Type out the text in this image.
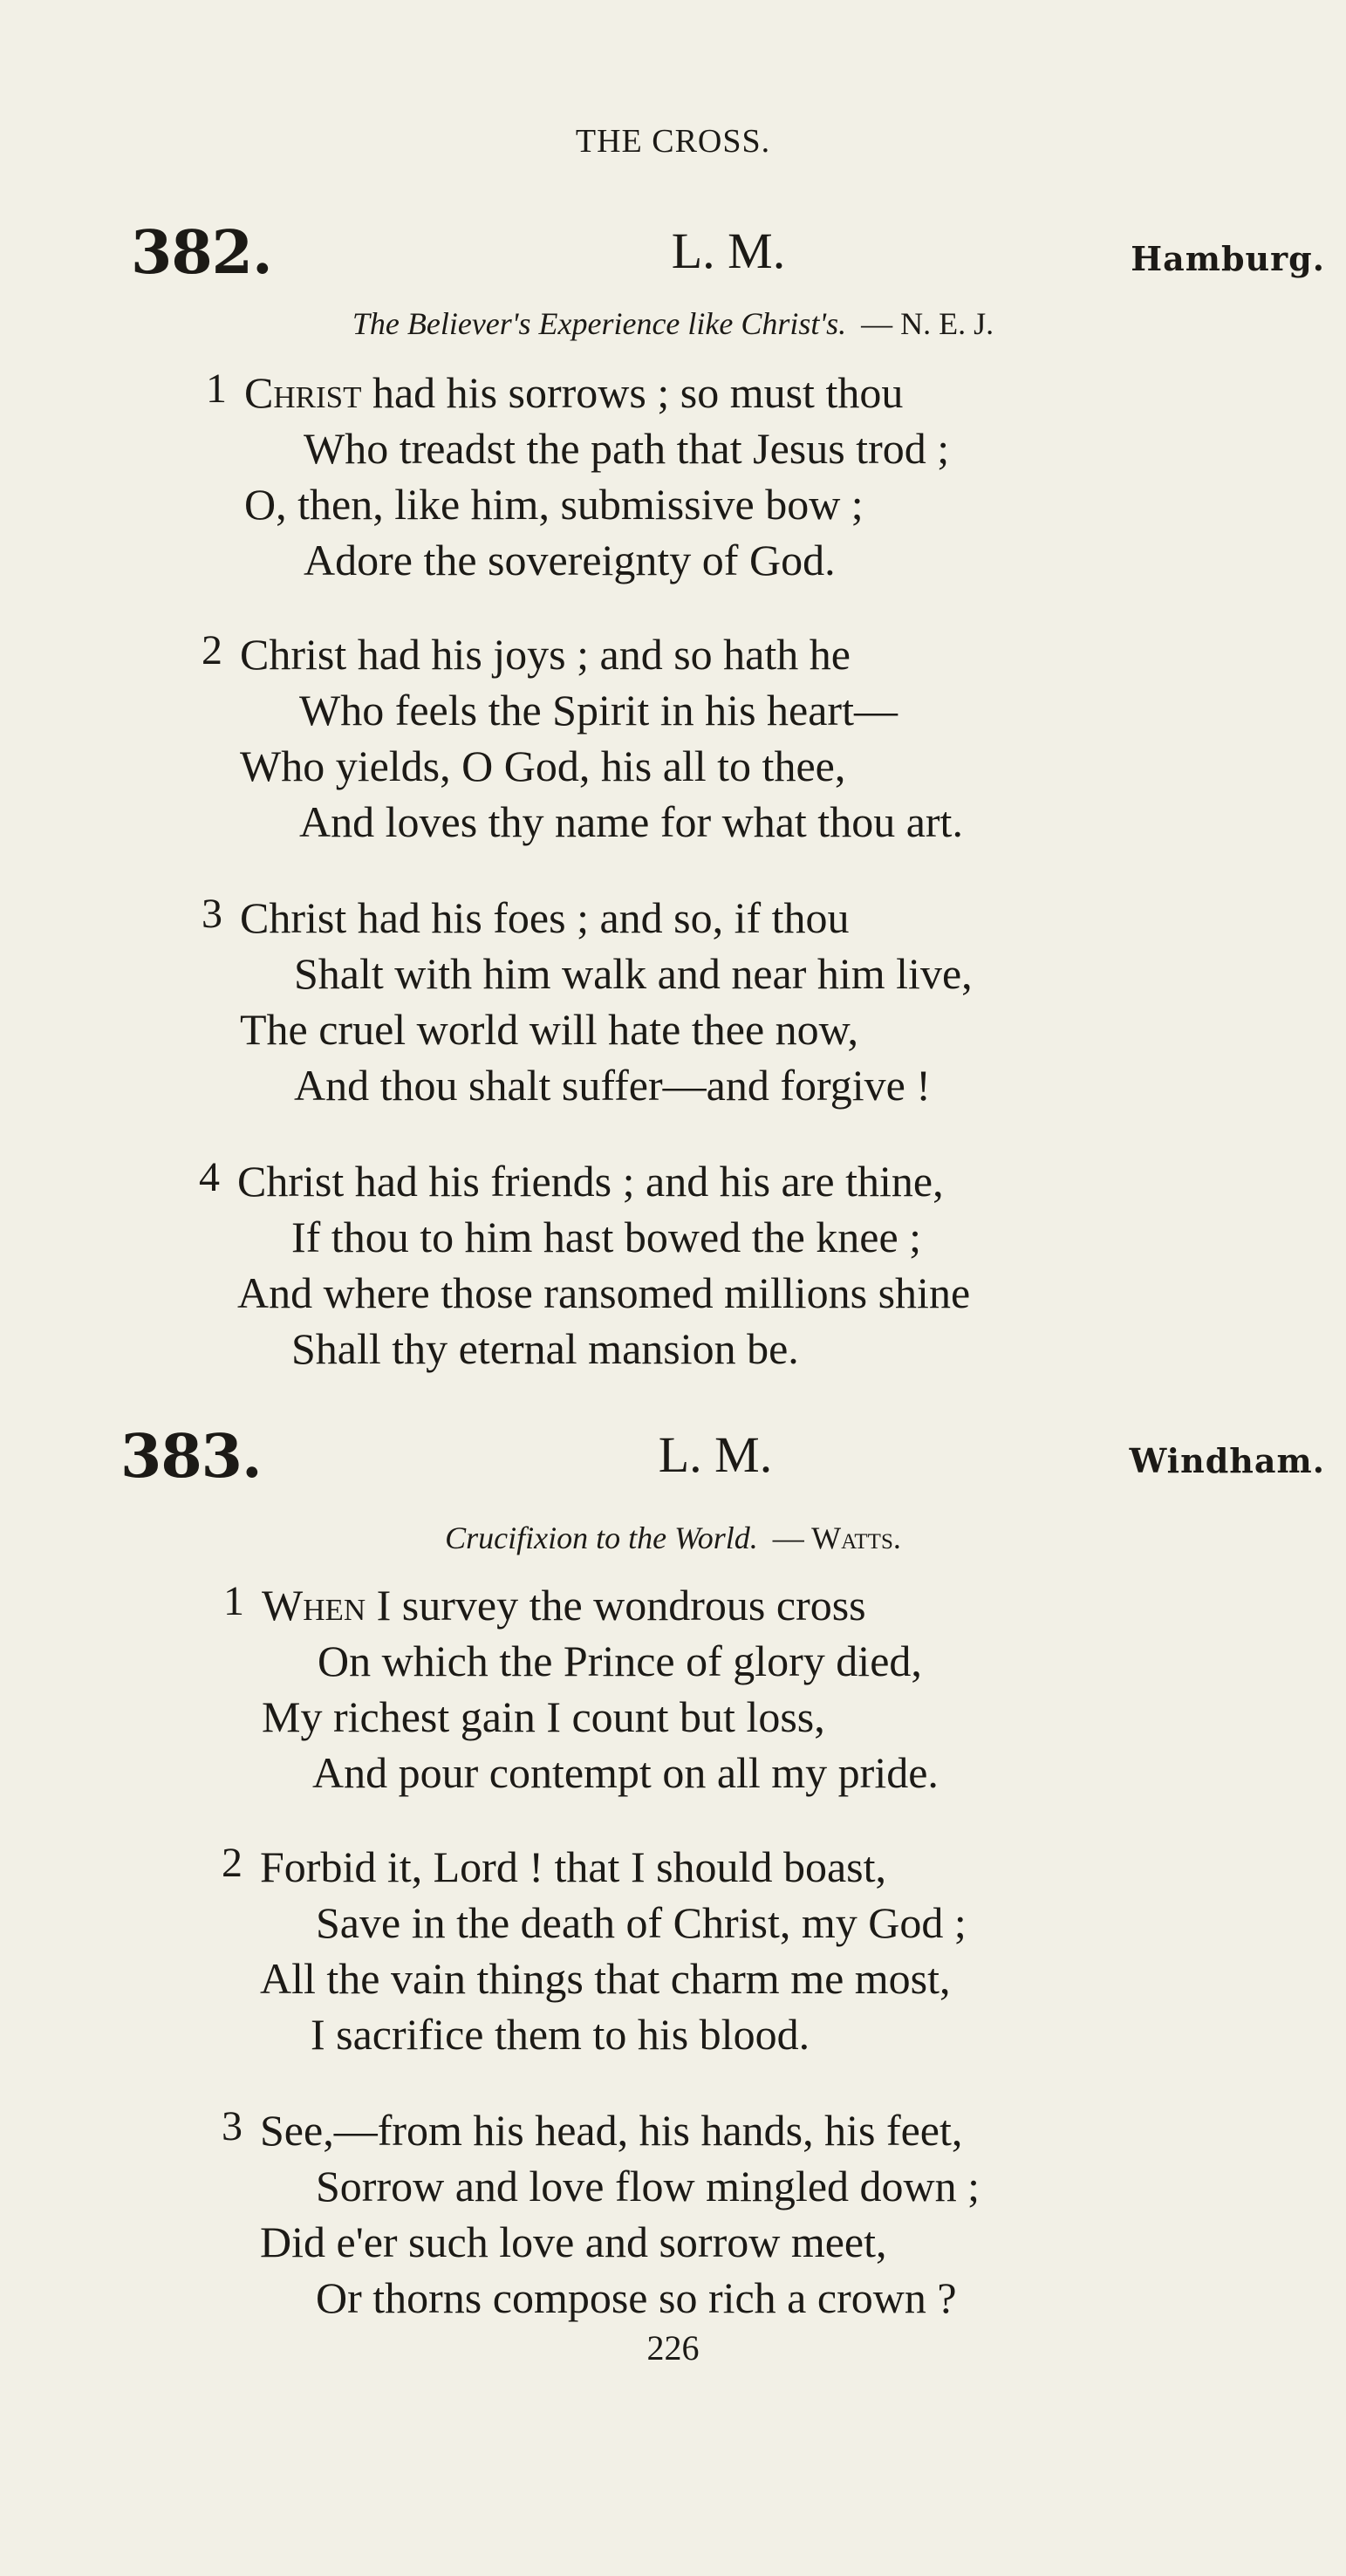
THE CROSS.
382.	L. M.	Hamburg.
The Believer's Experience like Christ's. — N. E. J.
1 Christ had his sorrows ; so must thou
Who treadst the path that Jesus trod ;
O, then, like him, submissive bow ;
Adore the sovereignty of God.
2 Christ had his joys ; and so hath he
Who feels the Spirit in his heart—
Who yields, O God, his all to thee,
And loves thy name for what thou art.
3 Christ had his foes ; and so, if thou
Shalt with him walk and near him live,
The cruel world will hate thee now,
And thou shalt suffer—and forgive !
4 Christ had his friends ; and his are thine,
If thou to him hast bowed the knee ;
And where those ransomed millions shine
Shall thy eternal mansion be.
383.	L. M.	Windham.
Crucifixion to the World. — Watts.
1 When I survey the wondrous cross
On which the Prince of glory died,
My richest gain I count but loss,
And pour contempt on all my pride.
2 Forbid it, Lord ! that I should boast,
Save in the death of Christ, my God ;
All the vain things that charm me most,
I sacrifice them to his blood.
3 See,—from his head, his hands, his feet,
Sorrow and love flow mingled down ;
Did e'er such love and sorrow meet,
Or thorns compose so rich a crown ?
226
